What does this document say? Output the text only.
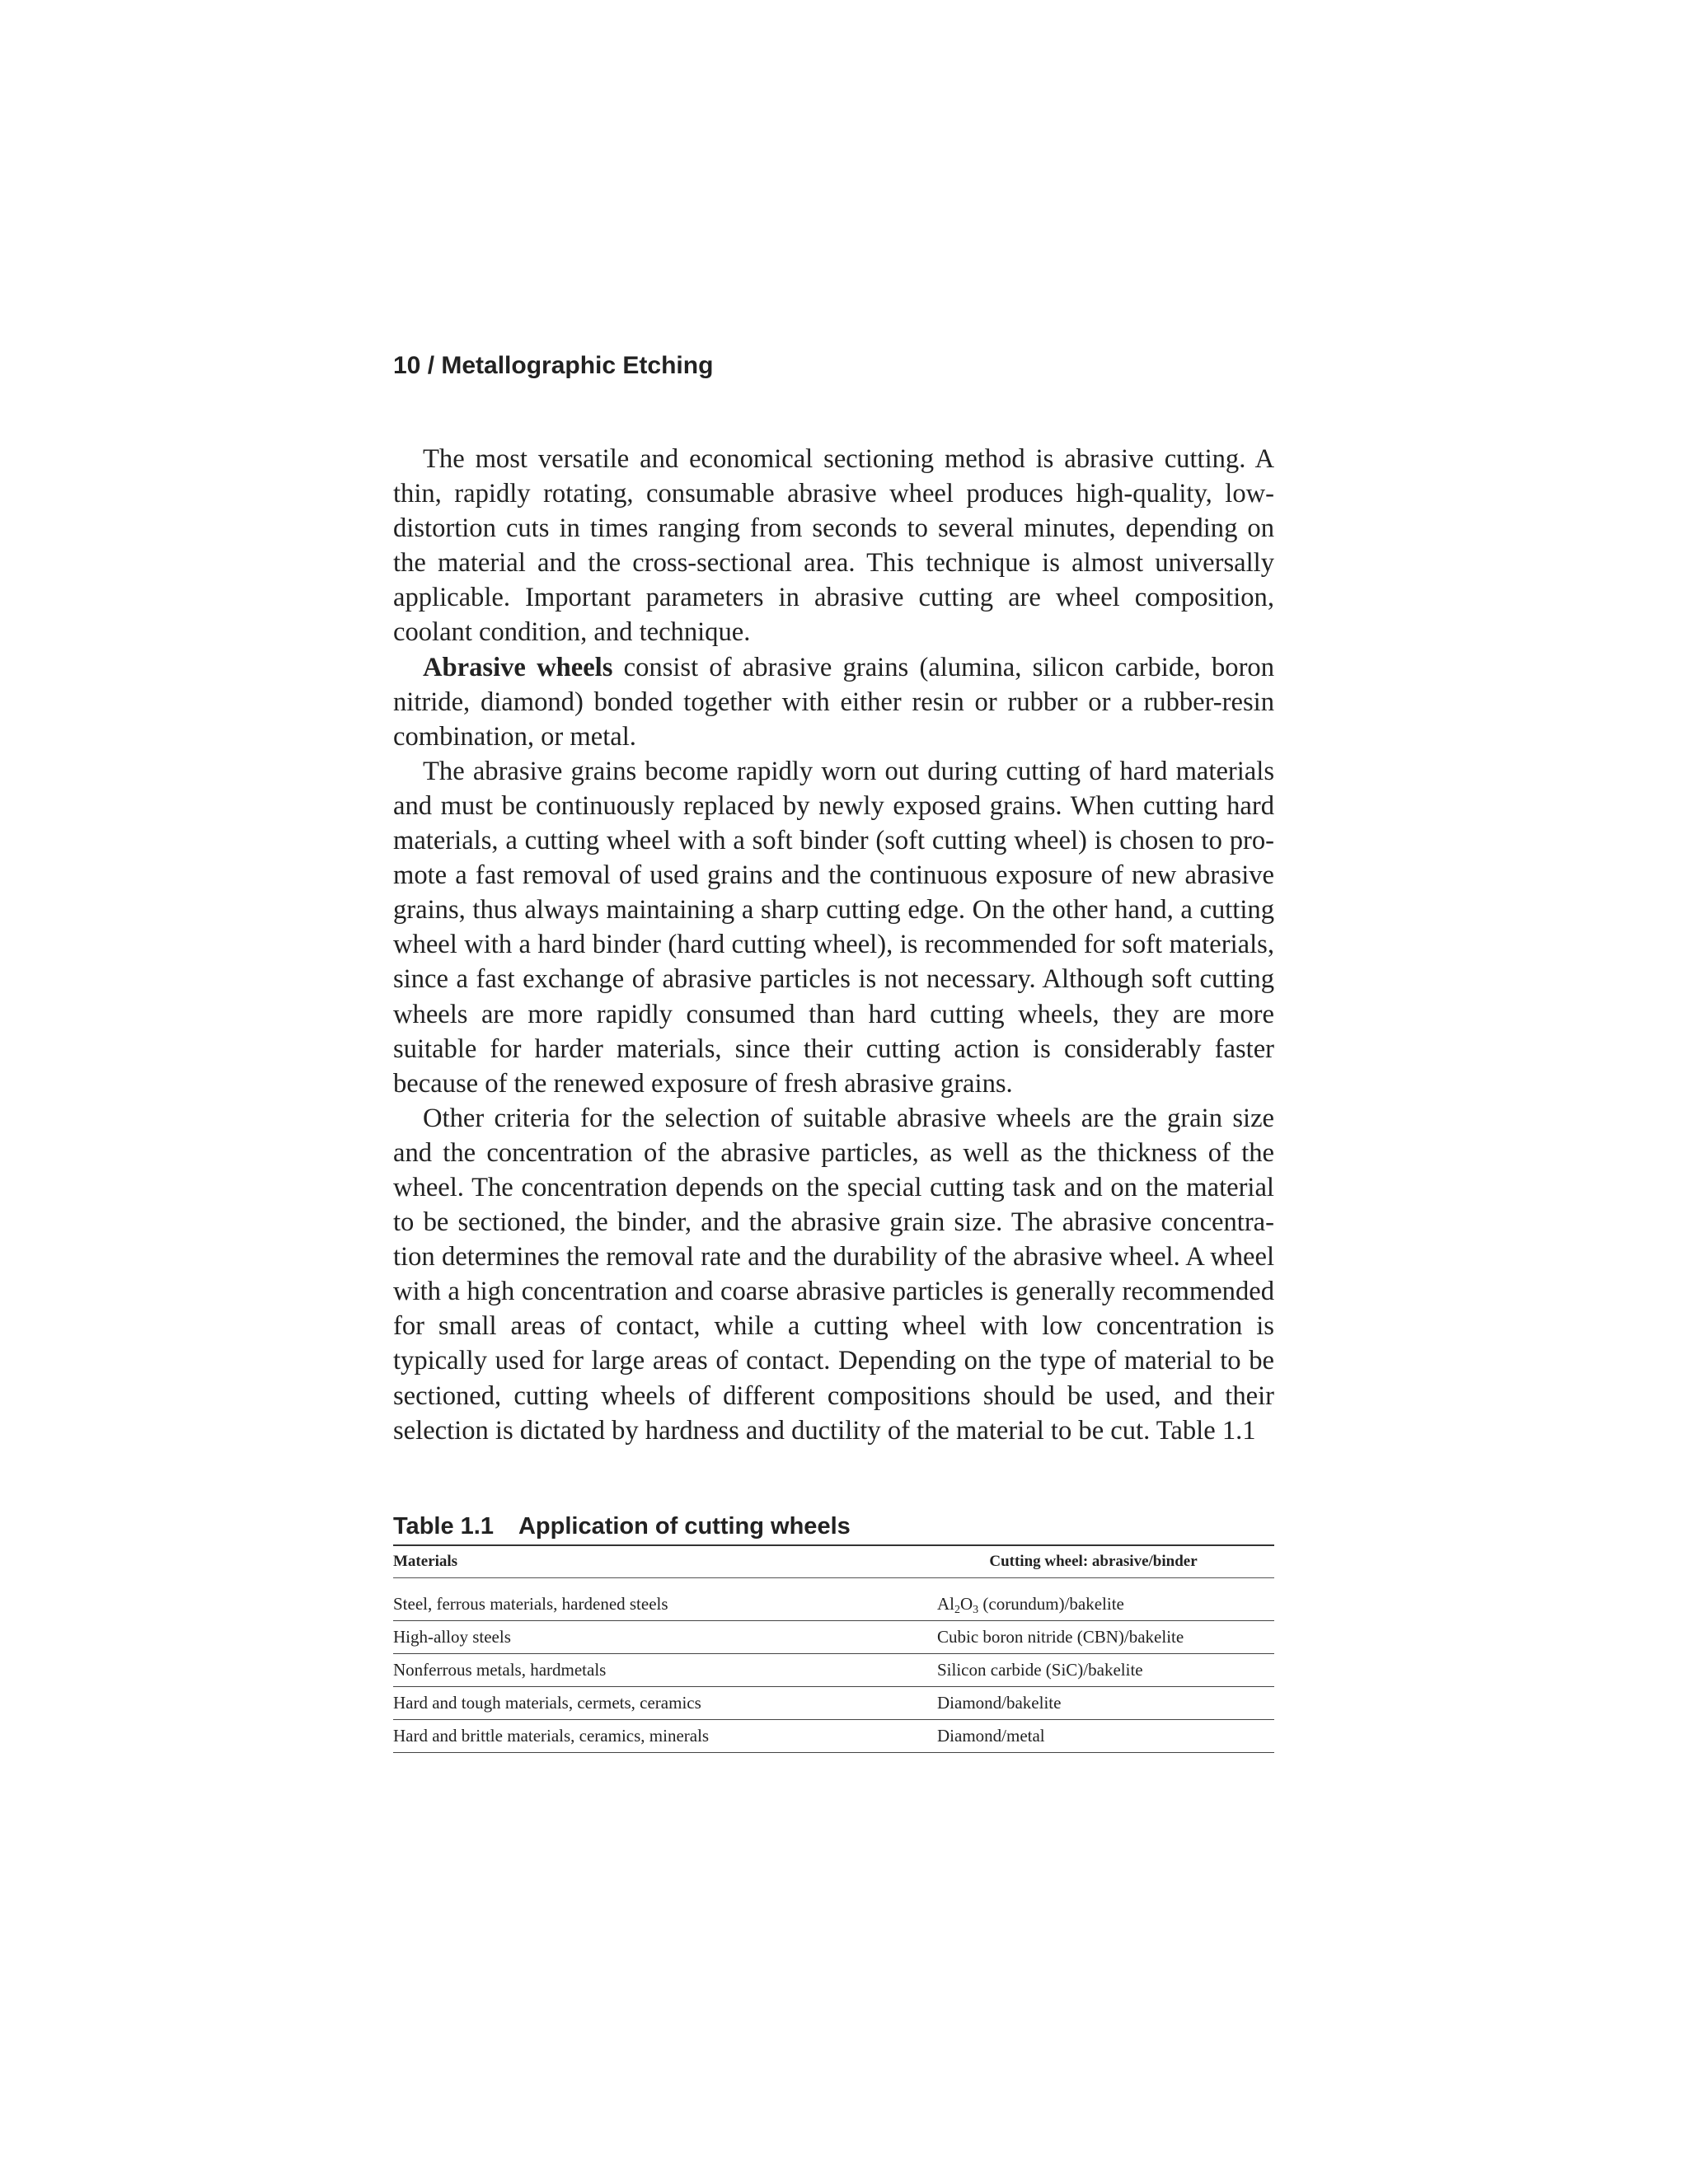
10 / Metallographic Etching

The most versatile and economical sectioning method is abrasive cutting. A thin, rapidly rotating, consumable abrasive wheel produces high-quality, low-distortion cuts in times ranging from seconds to several minutes, depending on the material and the cross-sectional area. This technique is almost universally applicable. Important parameters in abrasive cutting are wheel composition, coolant condition, and technique.

Abrasive wheels consist of abrasive grains (alumina, silicon carbide, boron nitride, diamond) bonded together with either resin or rubber or a rubber-resin combination, or metal.

The abrasive grains become rapidly worn out during cutting of hard materials and must be continuously replaced by newly exposed grains. When cutting hard materials, a cutting wheel with a soft binder (soft cutting wheel) is chosen to promote a fast removal of used grains and the continuous exposure of new abrasive grains, thus always maintaining a sharp cutting edge. On the other hand, a cutting wheel with a hard binder (hard cutting wheel), is recommended for soft materials, since a fast exchange of abrasive particles is not necessary. Although soft cutting wheels are more rapidly consumed than hard cutting wheels, they are more suitable for harder materials, since their cutting action is considerably faster because of the renewed exposure of fresh abrasive grains.

Other criteria for the selection of suitable abrasive wheels are the grain size and the concentration of the abrasive particles, as well as the thickness of the wheel. The concentration depends on the special cutting task and on the material to be sectioned, the binder, and the abrasive grain size. The abrasive concentration determines the removal rate and the durability of the abrasive wheel. A wheel with a high concentration and coarse abrasive particles is generally recommended for small areas of contact, while a cutting wheel with low concentration is typically used for large areas of contact. Depending on the type of material to be sectioned, cutting wheels of different compositions should be used, and their selection is dictated by hardness and ductility of the material to be cut. Table 1.1

Table 1.1 Application of cutting wheels
Materials	Cutting wheel: abrasive/binder

Steel, ferrous materials, hardened steels	$Al_2O_3$ (corundum)/bakelite
High-alloy steels	Cubic boron nitride (CBN)/bakelite
Nonferrous metals, hardmetals	Silicon carbide (SiC)/bakelite
Hard and tough materials, cermets, ceramics	Diamond/bakelite
Hard and brittle materials, ceramics, minerals	Diamond/metal
